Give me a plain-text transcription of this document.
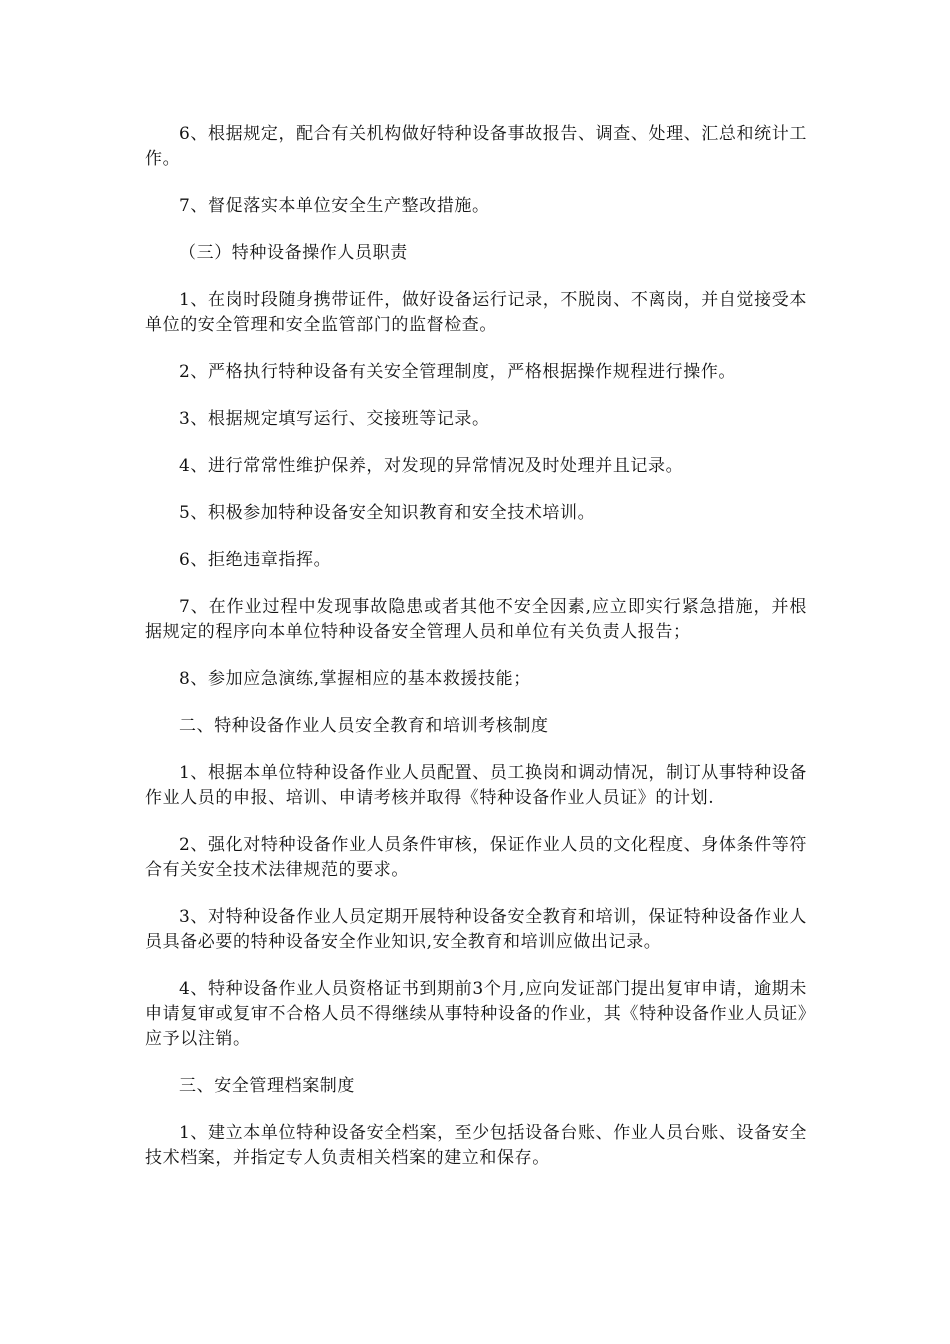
6、根据规定，配合有关机构做好特种设备事故报告、调查、处理、汇总和统计工作。

7、督促落实本单位安全生产整改措施。

（三）特种设备操作人员职责

1、在岗时段随身携带证件，做好设备运行记录，不脱岗、不离岗，并自觉接受本单位的安全管理和安全监管部门的监督检查。

2、严格执行特种设备有关安全管理制度，严格根据操作规程进行操作。

3、根据规定填写运行、交接班等记录。

4、进行常常性维护保养，对发现的异常情况及时处理并且记录。

5、积极参加特种设备安全知识教育和安全技术培训。

6、拒绝违章指挥。

7、在作业过程中发现事故隐患或者其他不安全因素,应立即实行紧急措施，并根据规定的程序向本单位特种设备安全管理人员和单位有关负责人报告；

8、参加应急演练,掌握相应的基本救援技能；

二、特种设备作业人员安全教育和培训考核制度

1、根据本单位特种设备作业人员配置、员工换岗和调动情况，制订从事特种设备作业人员的申报、培训、申请考核并取得《特种设备作业人员证》的计划.

2、强化对特种设备作业人员条件审核，保证作业人员的文化程度、身体条件等符合有关安全技术法律规范的要求。

3、对特种设备作业人员定期开展特种设备安全教育和培训，保证特种设备作业人员具备必要的特种设备安全作业知识,安全教育和培训应做出记录。

4、特种设备作业人员资格证书到期前3个月,应向发证部门提出复审申请，逾期未申请复审或复审不合格人员不得继续从事特种设备的作业，其《特种设备作业人员证》应予以注销。

三、安全管理档案制度

1、建立本单位特种设备安全档案，至少包括设备台账、作业人员台账、设备安全技术档案，并指定专人负责相关档案的建立和保存。
